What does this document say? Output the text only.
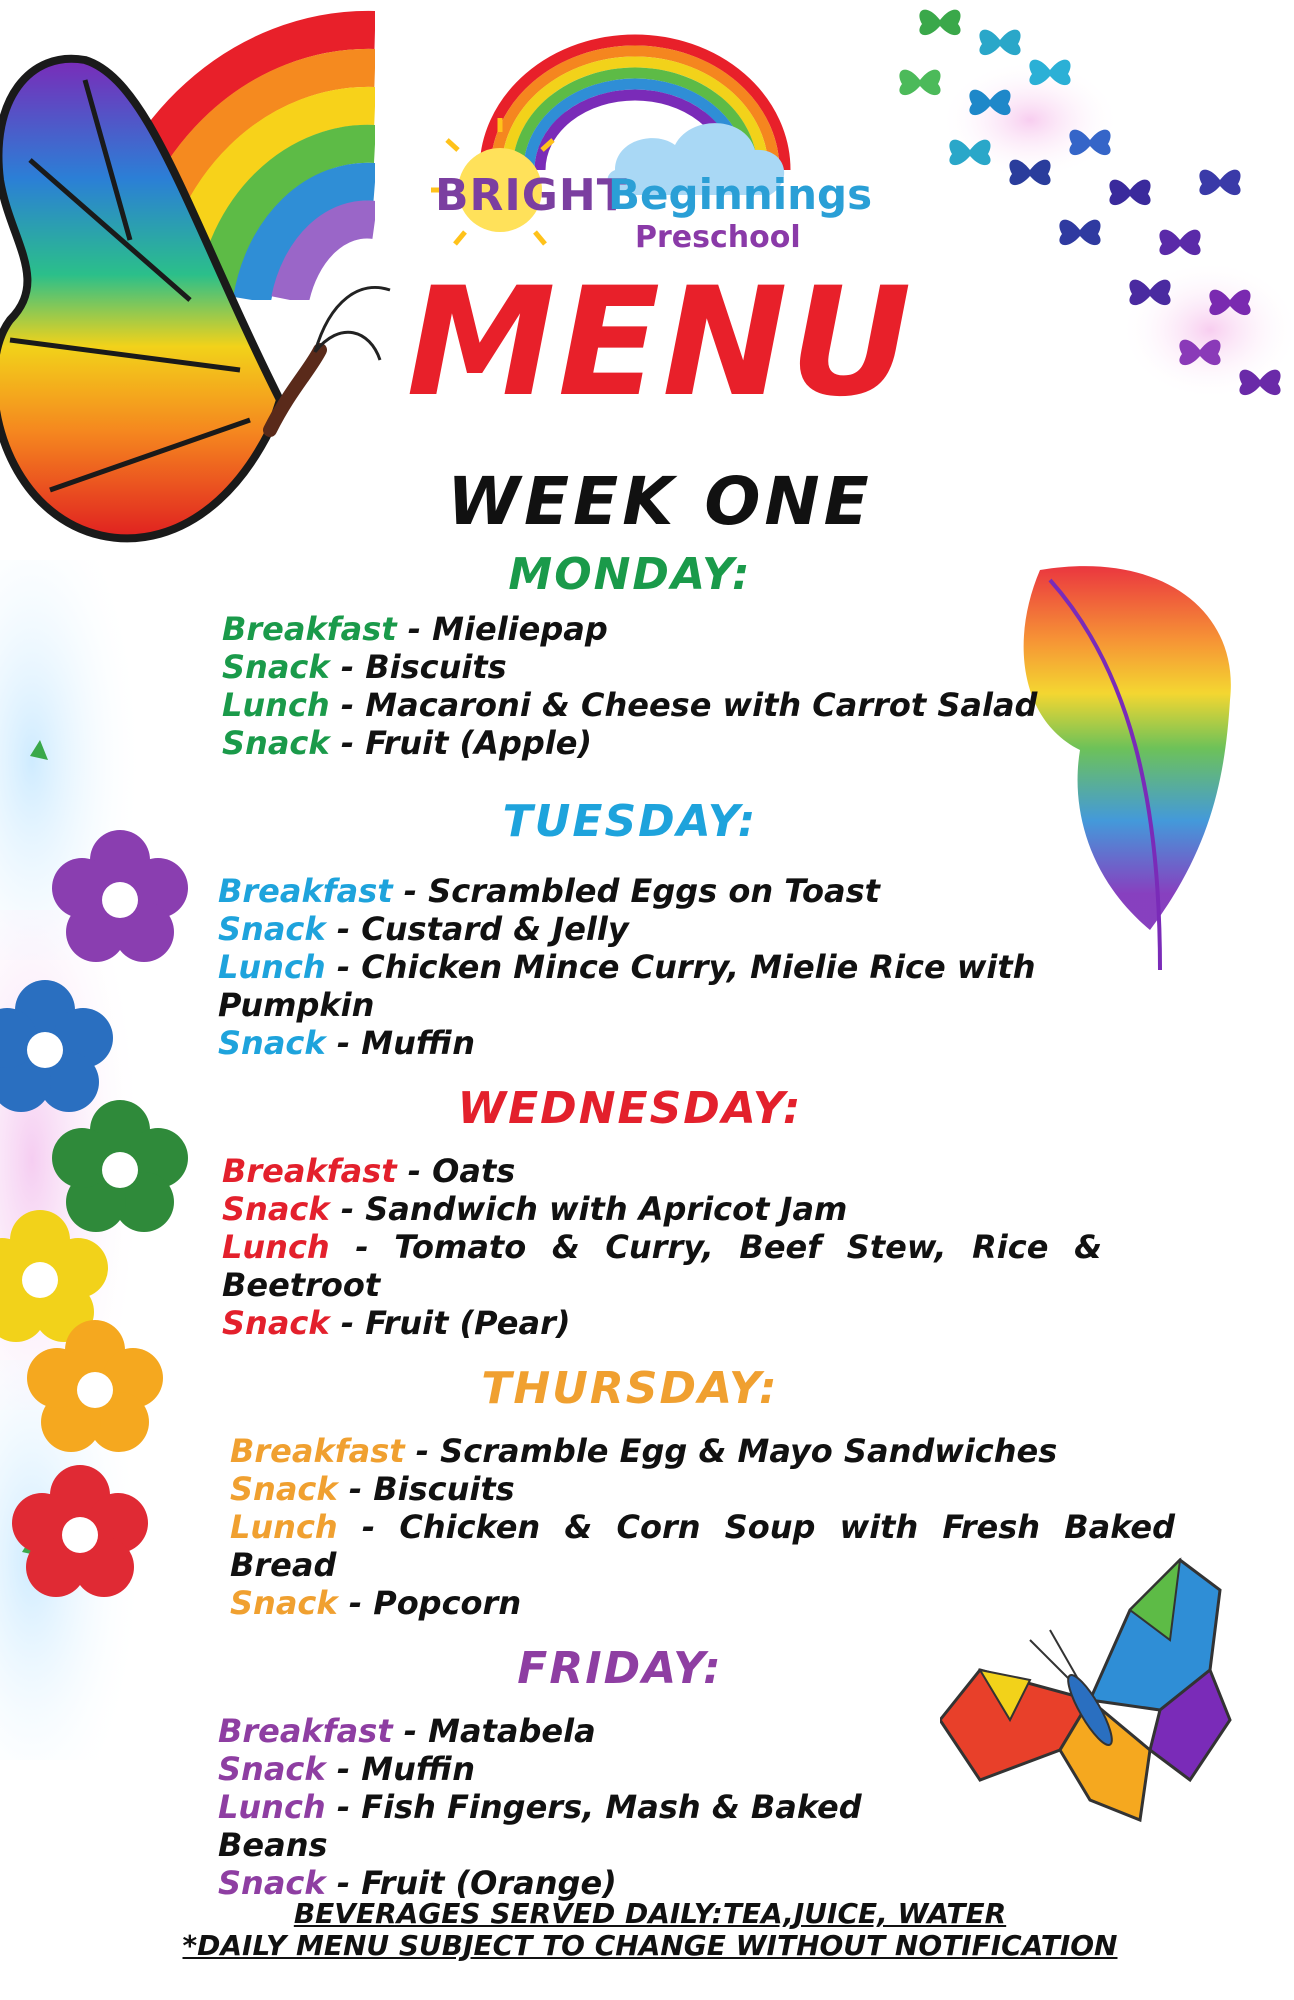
BRIGHT
Beginnings
Preschool
MENU
WEEK ONE
MONDAY:
Breakfast - Mieliepap
Snack - Biscuits
Lunch - Macaroni & Cheese with Carrot Salad
Snack - Fruit (Apple)
TUESDAY:
Breakfast - Scrambled Eggs on Toast
Snack - Custard & Jelly
Lunch - Chicken Mince Curry, Mielie Rice with Pumpkin
Snack - Muffin
WEDNESDAY:
Breakfast - Oats
Snack - Sandwich with Apricot Jam
Lunch - Tomato & Curry, Beef Stew, Rice & Beetroot
Snack - Fruit (Pear)
THURSDAY:
Breakfast - Scramble Egg & Mayo Sandwiches
Snack - Biscuits
Lunch - Chicken & Corn Soup with Fresh Baked Bread
Snack - Popcorn
FRIDAY:
Breakfast - Matabela
Snack - Muffin
Lunch - Fish Fingers, Mash & Baked Beans
Snack - Fruit (Orange)
BEVERAGES SERVED DAILY:TEA,JUICE, WATER
*DAILY MENU SUBJECT TO CHANGE WITHOUT NOTIFICATION
